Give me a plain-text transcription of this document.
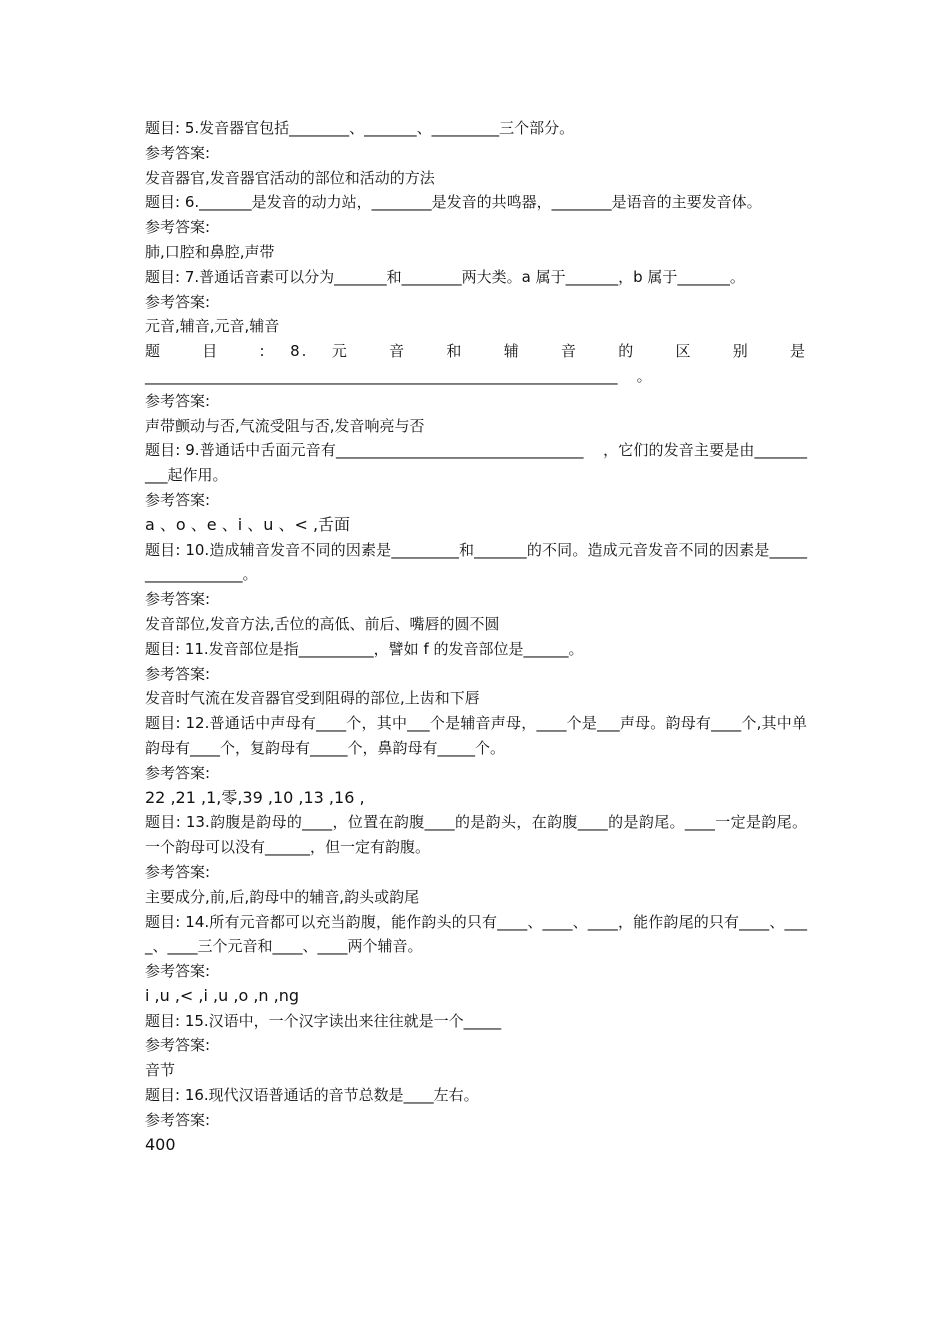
题目: 5.发音器官包括________、_______、_________三个部分。
参考答案:
发音器官,发音器官活动的部位和活动的方法
题目: 6._______是发音的动力站，________是发音的共鸣器，________是语音的主要发音体。
参考答案:
肺,口腔和鼻腔,声带
题目: 7.普通话音素可以分为_______和________两大类。a 属于_______，b 属于_______。
参考答案:
元音,辅音,元音,辅音
题 目 : 8. 元 音 和 辅 音 的 区 别 是
_______________________________________________________________    。
参考答案:
声带颤动与否,气流受阻与否,发音响亮与否
题目: 9.普通话中舌面元音有_________________________________    ，它们的发音主要是由__________起作用。
参考答案:
a 、o 、e 、i 、u 、< ,舌面
题目: 10.造成辅音发音不同的因素是_________和_______的不同。造成元音发音不同的因素是__________________。
参考答案:
发音部位,发音方法,舌位的高低、前后、嘴唇的圆不圆
题目: 11.发音部位是指__________，譬如 f 的发音部位是______。
参考答案:
发音时气流在发音器官受到阻碍的部位,上齿和下唇
题目: 12.普通话中声母有____个，其中___个是辅音声母，____个是___声母。韵母有____个,其中单韵母有____个，复韵母有_____个，鼻韵母有_____个。
参考答案:
22 ,21 ,1,零,39 ,10 ,13 ,16 ,
题目: 13.韵腹是韵母的____，位置在韵腹____的是韵头，在韵腹____的是韵尾。____一定是韵尾。一个韵母可以没有______，但一定有韵腹。
参考答案:
主要成分,前,后,韵母中的辅音,韵头或韵尾
题目: 14.所有元音都可以充当韵腹，能作韵头的只有____、____、____，能作韵尾的只有____、____、____三个元音和____、____两个辅音。
参考答案:
i ,u ,< ,i ,u ,o ,n ,ng
题目: 15.汉语中，一个汉字读出来往往就是一个_____
参考答案:
音节
题目: 16.现代汉语普通话的音节总数是____左右。
参考答案:
400
